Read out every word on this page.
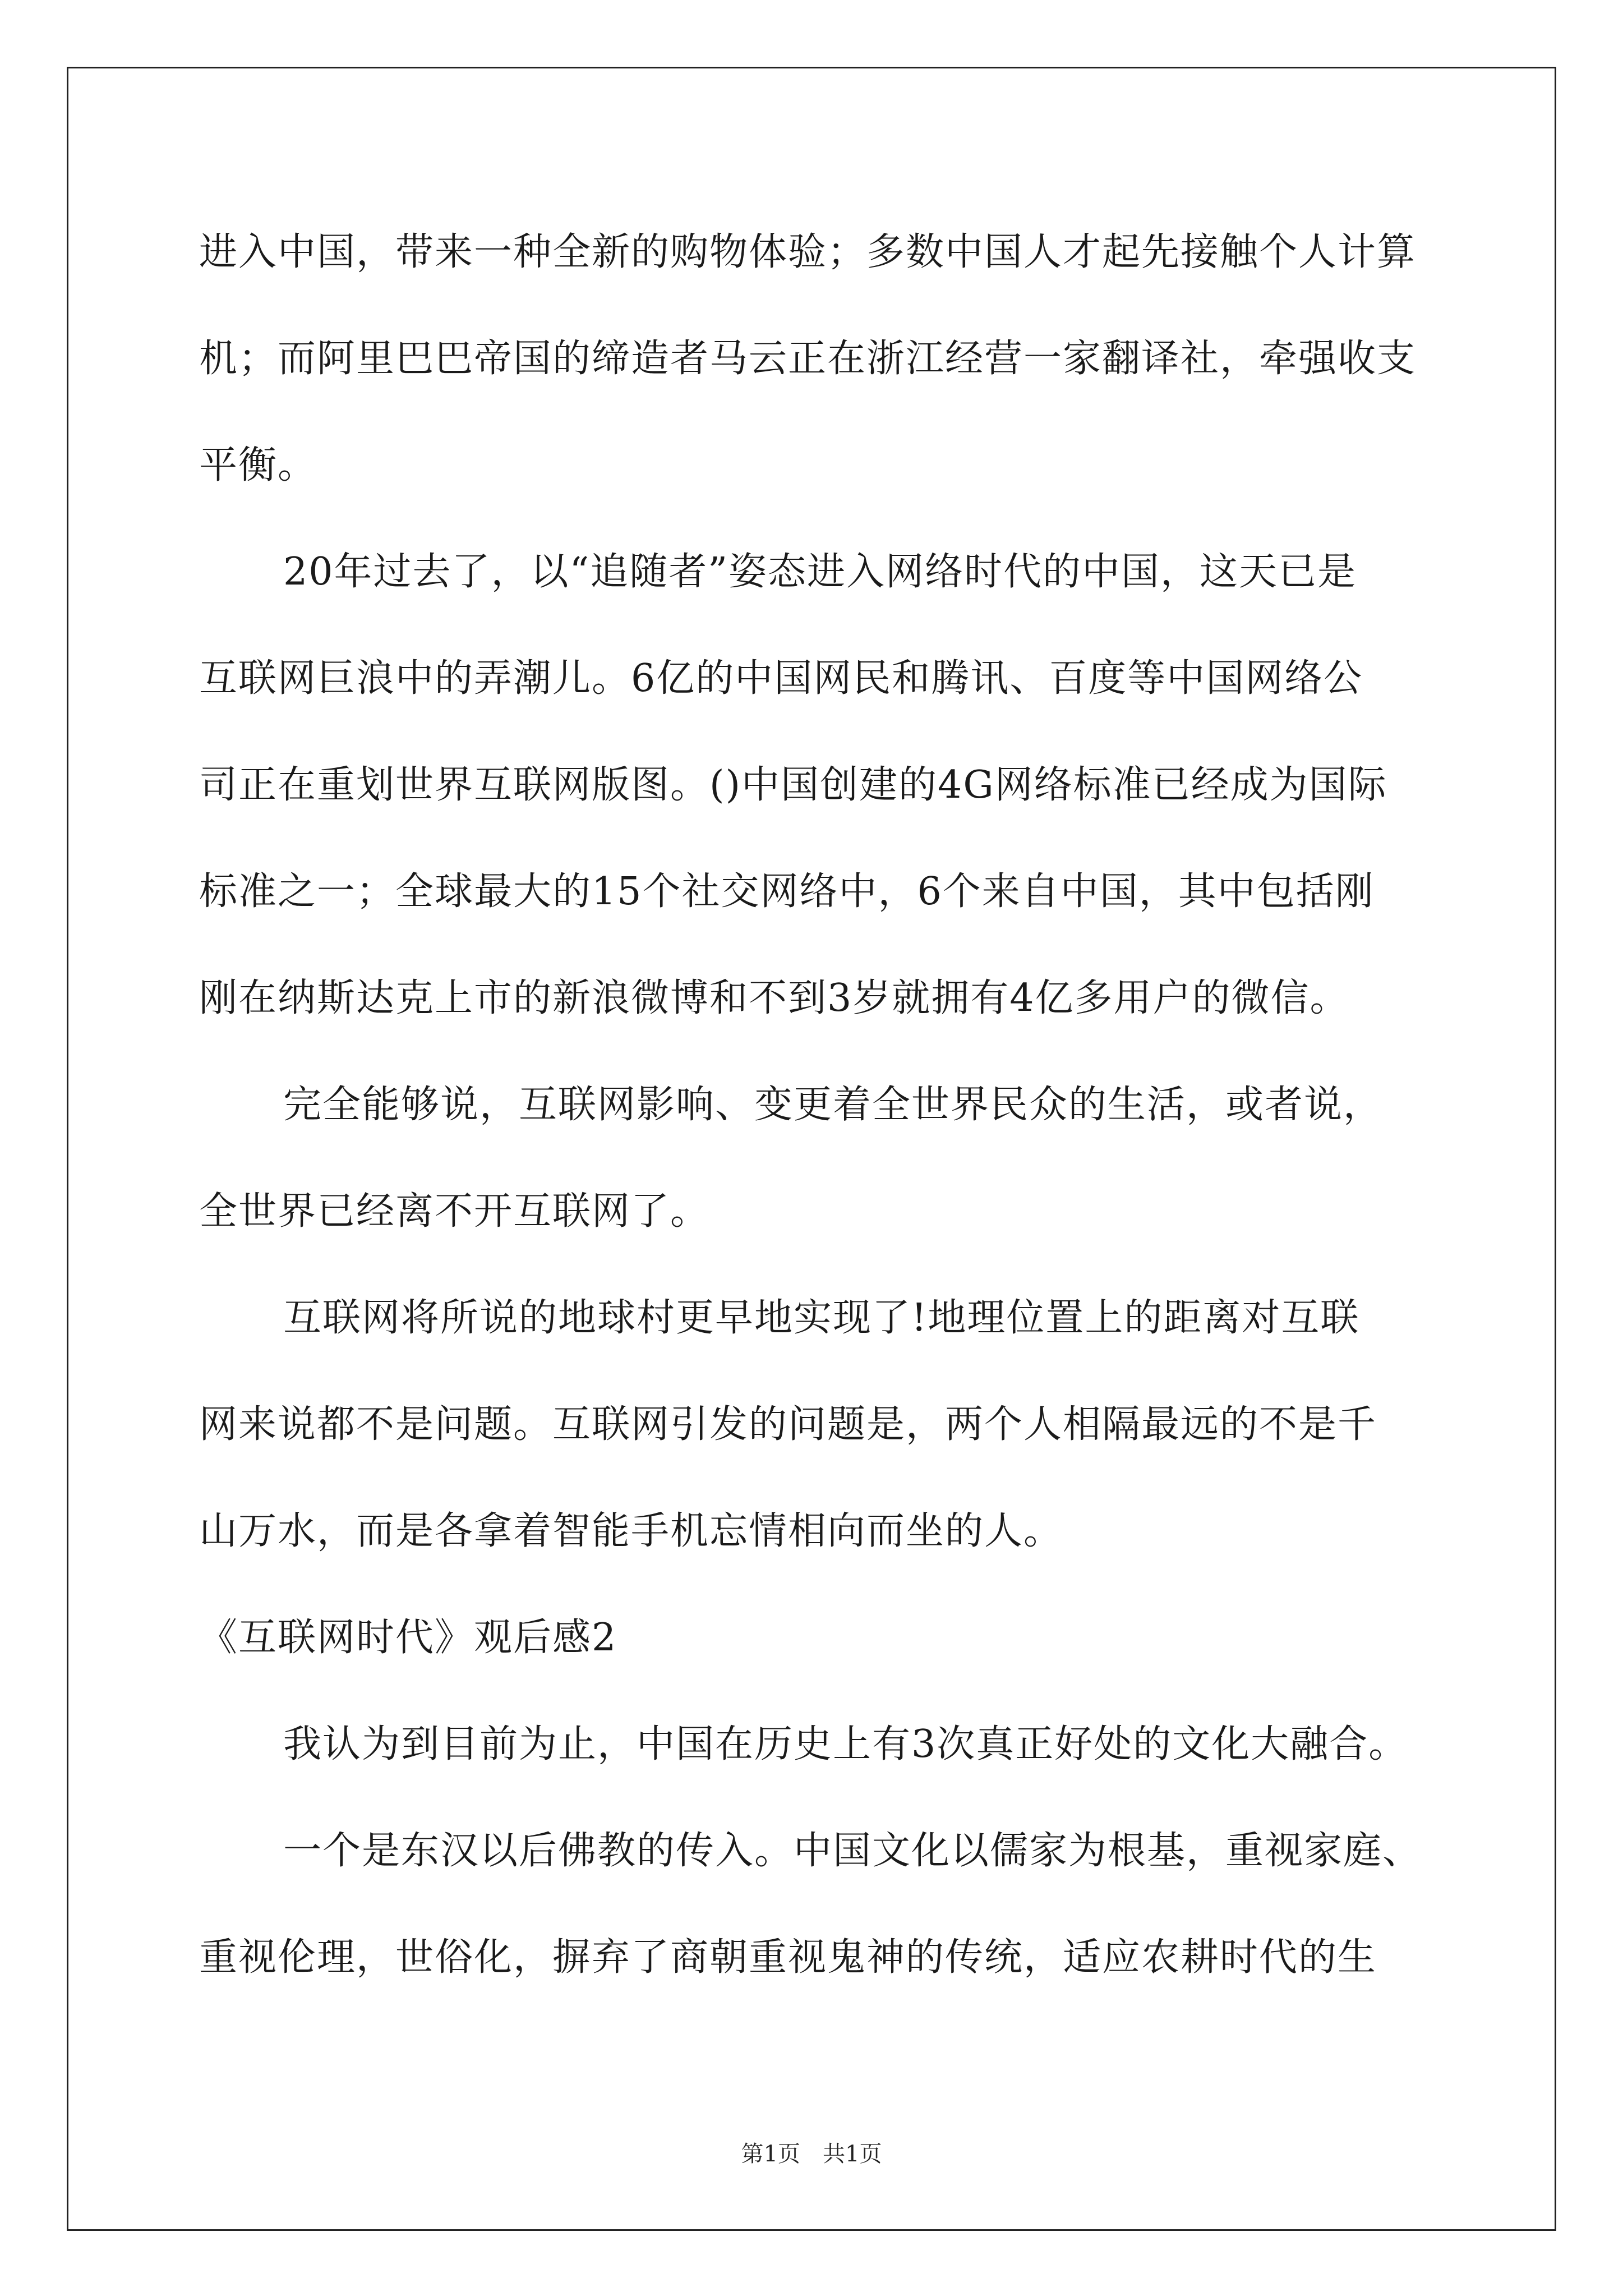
进入中国，带来一种全新的购物体验；多数中国人才起先接触个人计算
机；而阿里巴巴帝国的缔造者马云正在浙江经营一家翻译社，牵强收支
平衡。
20年过去了，以“追随者”姿态进入网络时代的中国，这天已是
互联网巨浪中的弄潮儿。6亿的中国网民和腾讯、百度等中国网络公
司正在重划世界互联网版图。()中国创建的4G网络标准已经成为国际
标准之一；全球最大的15个社交网络中，6个来自中国，其中包括刚
刚在纳斯达克上市的新浪微博和不到3岁就拥有4亿多用户的微信。
完全能够说，互联网影响、变更着全世界民众的生活，或者说，
全世界已经离不开互联网了。
互联网将所说的地球村更早地实现了!地理位置上的距离对互联
网来说都不是问题。互联网引发的问题是，两个人相隔最远的不是千
山万水，而是各拿着智能手机忘情相向而坐的人。
《互联网时代》观后感2
我认为到目前为止，中国在历史上有3次真正好处的文化大融合。
一个是东汉以后佛教的传入。中国文化以儒家为根基，重视家庭、
重视伦理，世俗化，摒弃了商朝重视鬼神的传统，适应农耕时代的生
第1页　共1页
